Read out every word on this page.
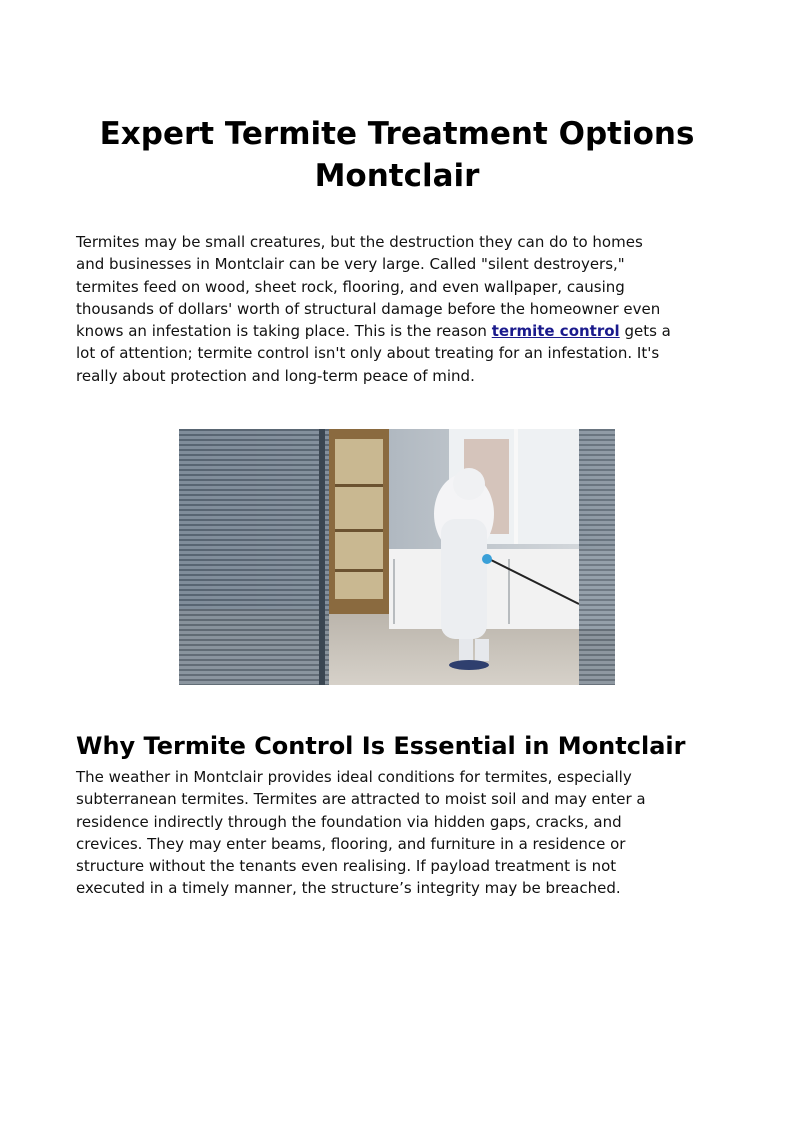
Expert Termite Treatment Options
Montclair
Termites may be small creatures, but the destruction they can do to homes
and businesses in Montclair can be very large. Called "silent destroyers,"
termites feed on wood, sheet rock, flooring, and even wallpaper, causing
thousands of dollars' worth of structural damage before the homeowner even
knows an infestation is taking place. This is the reason termite control gets a
lot of attention; termite control isn't only about treating for an infestation. It's
really about protection and long-term peace of mind.
Why Termite Control Is Essential in Montclair
The weather in Montclair provides ideal conditions for termites, especially
subterranean termites. Termites are attracted to moist soil and may enter a
residence indirectly through the foundation via hidden gaps, cracks, and
crevices. They may enter beams, flooring, and furniture in a residence or
structure without the tenants even realising. If payload treatment is not
executed in a timely manner, the structure’s integrity may be breached.
